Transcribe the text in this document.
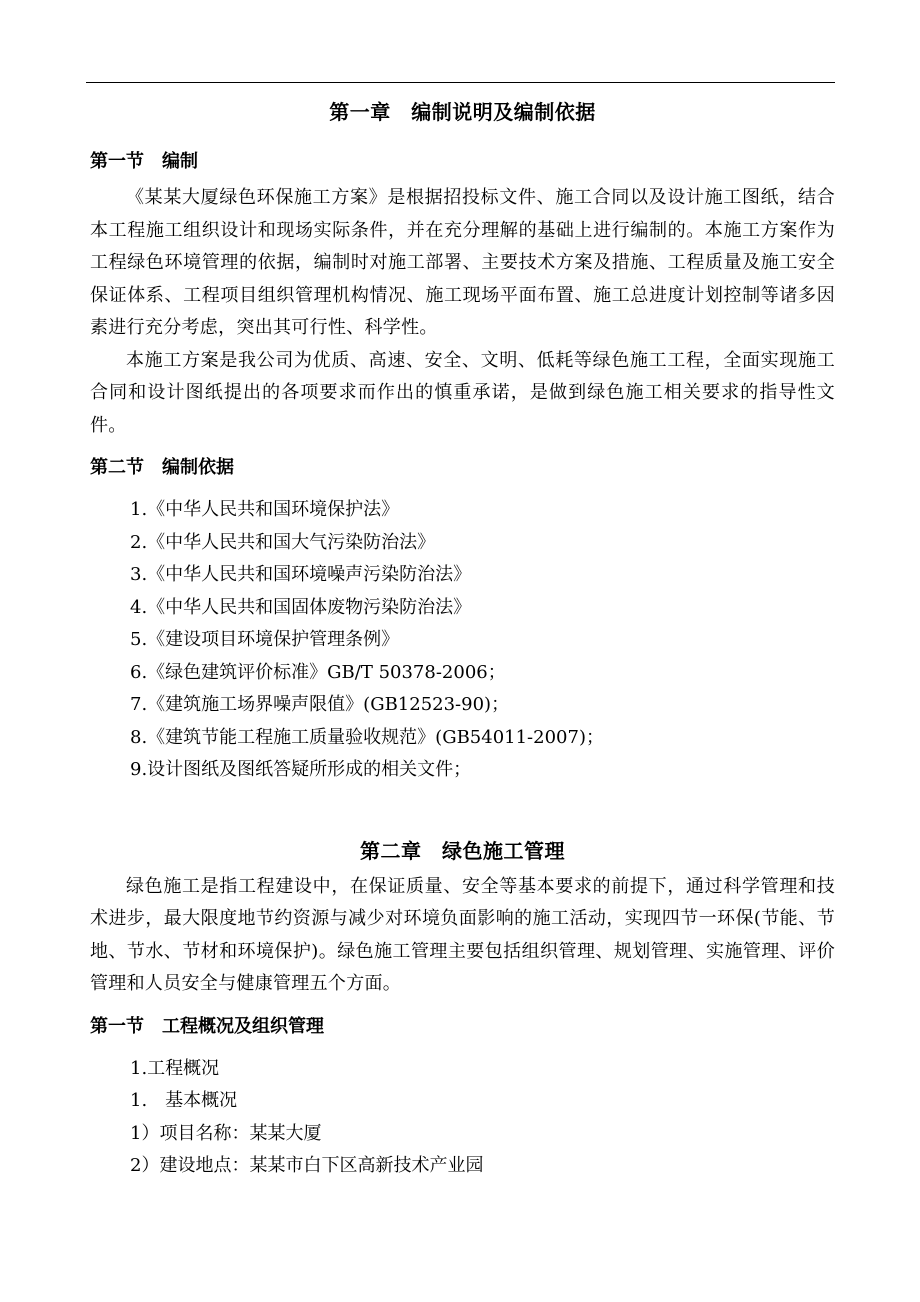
第一章　编制说明及编制依据
第一节　编制

《某某大厦绿色环保施工方案》是根据招投标文件、施工合同以及设计施工图纸，结合本工程施工组织设计和现场实际条件，并在充分理解的基础上进行编制的。本施工方案作为工程绿色环境管理的依据，编制时对施工部署、主要技术方案及措施、工程质量及施工安全保证体系、工程项目组织管理机构情况、施工现场平面布置、施工总进度计划控制等诸多因素进行充分考虑，突出其可行性、科学性。

本施工方案是我公司为优质、高速、安全、文明、低耗等绿色施工工程，全面实现施工合同和设计图纸提出的各项要求而作出的慎重承诺，是做到绿色施工相关要求的指导性文件。

第二节　编制依据

1.《中华人民共和国环境保护法》

2.《中华人民共和国大气污染防治法》

3.《中华人民共和国环境噪声污染防治法》

4.《中华人民共和国固体废物污染防治法》

5.《建设项目环境保护管理条例》

6.《绿色建筑评价标准》GB/T 50378-2006；

7.《建筑施工场界噪声限值》(GB12523-90)；

8.《建筑节能工程施工质量验收规范》(GB54011-2007)；

9.设计图纸及图纸答疑所形成的相关文件；

第二章　绿色施工管理

绿色施工是指工程建设中，在保证质量、安全等基本要求的前提下，通过科学管理和技术进步，最大限度地节约资源与减少对环境负面影响的施工活动，实现四节一环保(节能、节地、节水、节材和环境保护)。绿色施工管理主要包括组织管理、规划管理、实施管理、评价管理和人员安全与健康管理五个方面。

第一节　工程概况及组织管理

1.工程概况

1.　基本概况

1）项目名称：某某大厦

2）建设地点：某某市白下区高新技术产业园
